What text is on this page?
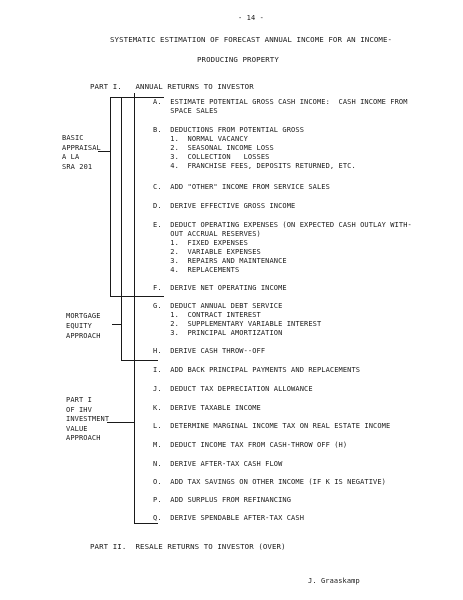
- 14 -
SYSTEMATIC ESTIMATION OF FORECAST ANNUAL INCOME FOR AN INCOME-
PRODUCING PROPERTY
PART I.   ANNUAL RETURNS TO INVESTOR
BASIC
APPRAISAL
A LA
SRA 201
MORTGAGE
EQUITY
APPROACH
PART I
OF IHV
INVESTMENT
VALUE
APPROACH
A.  ESTIMATE POTENTIAL GROSS CASH INCOME:  CASH INCOME FROM
SPACE SALES
B.  DEDUCTIONS FROM POTENTIAL GROSS
1.  NORMAL VACANCY
2.  SEASONAL INCOME LOSS
3.  COLLECTION   LOSSES
4.  FRANCHISE FEES, DEPOSITS RETURNED, ETC.
C.  ADD "OTHER" INCOME FROM SERVICE SALES
D.  DERIVE EFFECTIVE GROSS INCOME
E.  DEDUCT OPERATING EXPENSES (ON EXPECTED CASH OUTLAY WITH-
OUT ACCRUAL RESERVES)
1.  FIXED EXPENSES
2.  VARIABLE EXPENSES
3.  REPAIRS AND MAINTENANCE
4.  REPLACEMENTS
F.  DERIVE NET OPERATING INCOME
G.  DEDUCT ANNUAL DEBT SERVICE
1.  CONTRACT INTEREST
2.  SUPPLEMENTARY VARIABLE INTEREST
3.  PRINCIPAL AMORTIZATION
H.  DERIVE CASH THROW--OFF
I.  ADD BACK PRINCIPAL PAYMENTS AND REPLACEMENTS
J.  DEDUCT TAX DEPRECIATION ALLOWANCE
K.  DERIVE TAXABLE INCOME
L.  DETERMINE MARGINAL INCOME TAX ON REAL ESTATE INCOME
M.  DEDUCT INCOME TAX FROM CASH-THROW OFF (H)
N.  DERIVE AFTER-TAX CASH FLOW
O.  ADD TAX SAVINGS ON OTHER INCOME (IF K IS NEGATIVE)
P.  ADD SURPLUS FROM REFINANCING
Q.  DERIVE SPENDABLE AFTER-TAX CASH
PART II.  RESALE RETURNS TO INVESTOR (OVER)
J. Graaskamp
